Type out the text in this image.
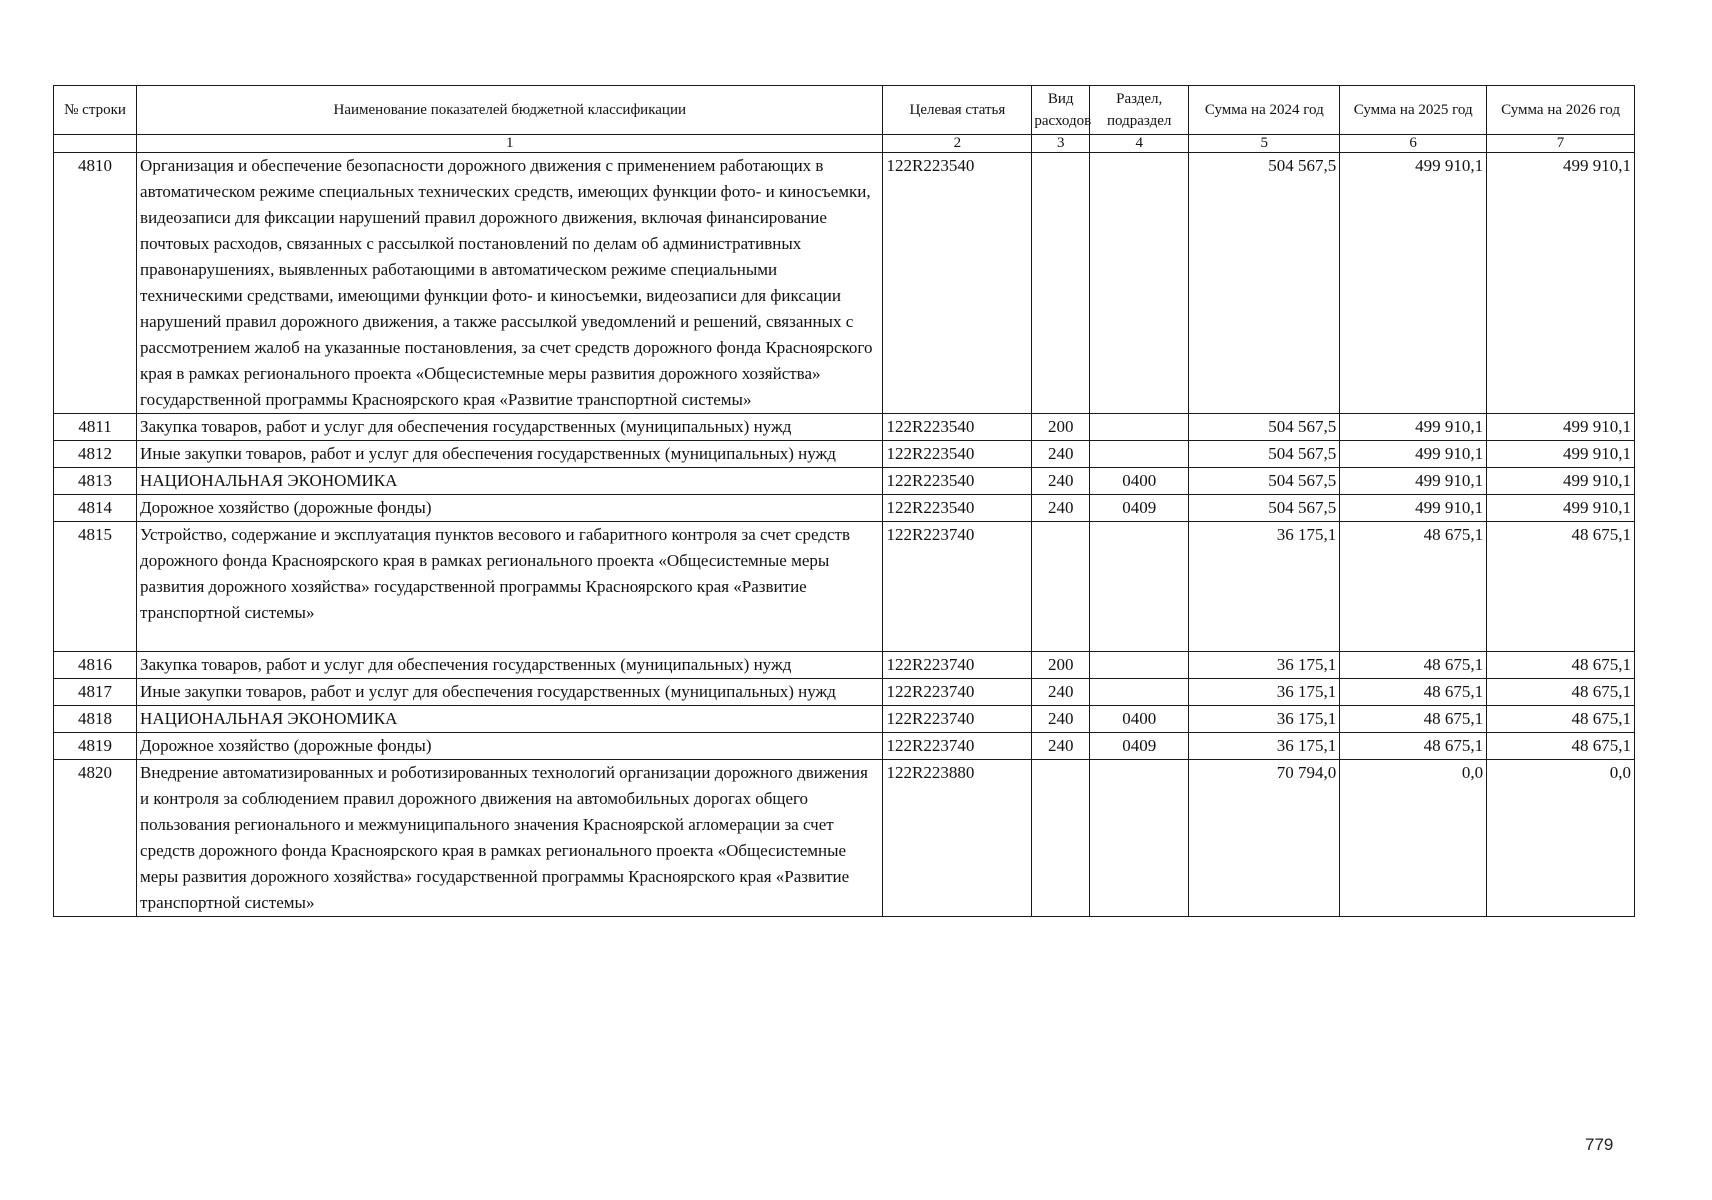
№ строки	Наименование показателей бюджетной классификации	Целевая статья	Вид расходов	Раздел, подраздел	Сумма на 2024 год	Сумма на 2025 год	Сумма на 2026 год
	1	2	3	4	5	6	7
4810	Организация и обеспечение безопасности дорожного движения с применением работающих в автоматическом режиме специальных технических средств, имеющих функции фото- и киносъемки, видеозаписи для фиксации нарушений правил дорожного движения, включая финансирование почтовых расходов, связанных с рассылкой постановлений по делам об административных правонарушениях, выявленных работающими в автоматическом режиме специальными техническими средствами, имеющими функции фото- и киносъемки, видеозаписи для фиксации нарушений правил дорожного движения, а также рассылкой уведомлений и решений, связанных с рассмотрением жалоб на указанные постановления, за счет средств дорожного фонда Красноярского края в рамках регионального проекта «Общесистемные меры развития дорожного хозяйства» государственной программы Красноярского края «Развитие транспортной системы»	122R223540			504 567,5	499 910,1	499 910,1
4811	Закупка товаров, работ и услуг для обеспечения государственных (муниципальных) нужд	122R223540	200		504 567,5	499 910,1	499 910,1
4812	Иные закупки товаров, работ и услуг для обеспечения государственных (муниципальных) нужд	122R223540	240		504 567,5	499 910,1	499 910,1
4813	НАЦИОНАЛЬНАЯ ЭКОНОМИКА	122R223540	240	0400	504 567,5	499 910,1	499 910,1
4814	Дорожное хозяйство (дорожные фонды)	122R223540	240	0409	504 567,5	499 910,1	499 910,1
4815	Устройство, содержание и эксплуатация пунктов весового и габаритного контроля за счет средств дорожного фонда Красноярского края в рамках регионального проекта «Общесистемные меры развития дорожного хозяйства» государственной программы Красноярского края «Развитие транспортной системы»	122R223740			36 175,1	48 675,1	48 675,1
4816	Закупка товаров, работ и услуг для обеспечения государственных (муниципальных) нужд	122R223740	200		36 175,1	48 675,1	48 675,1
4817	Иные закупки товаров, работ и услуг для обеспечения государственных (муниципальных) нужд	122R223740	240		36 175,1	48 675,1	48 675,1
4818	НАЦИОНАЛЬНАЯ ЭКОНОМИКА	122R223740	240	0400	36 175,1	48 675,1	48 675,1
4819	Дорожное хозяйство (дорожные фонды)	122R223740	240	0409	36 175,1	48 675,1	48 675,1
4820	Внедрение автоматизированных и роботизированных технологий организации дорожного движения и контроля за соблюдением правил дорожного движения на автомобильных дорогах общего пользования регионального и межмуниципального значения Красноярской агломерации за счет средств дорожного фонда Красноярского края в рамках регионального проекта «Общесистемные меры развития дорожного хозяйства» государственной программы Красноярского края «Развитие транспортной системы»	122R223880			70 794,0	0,0	0,0
779
